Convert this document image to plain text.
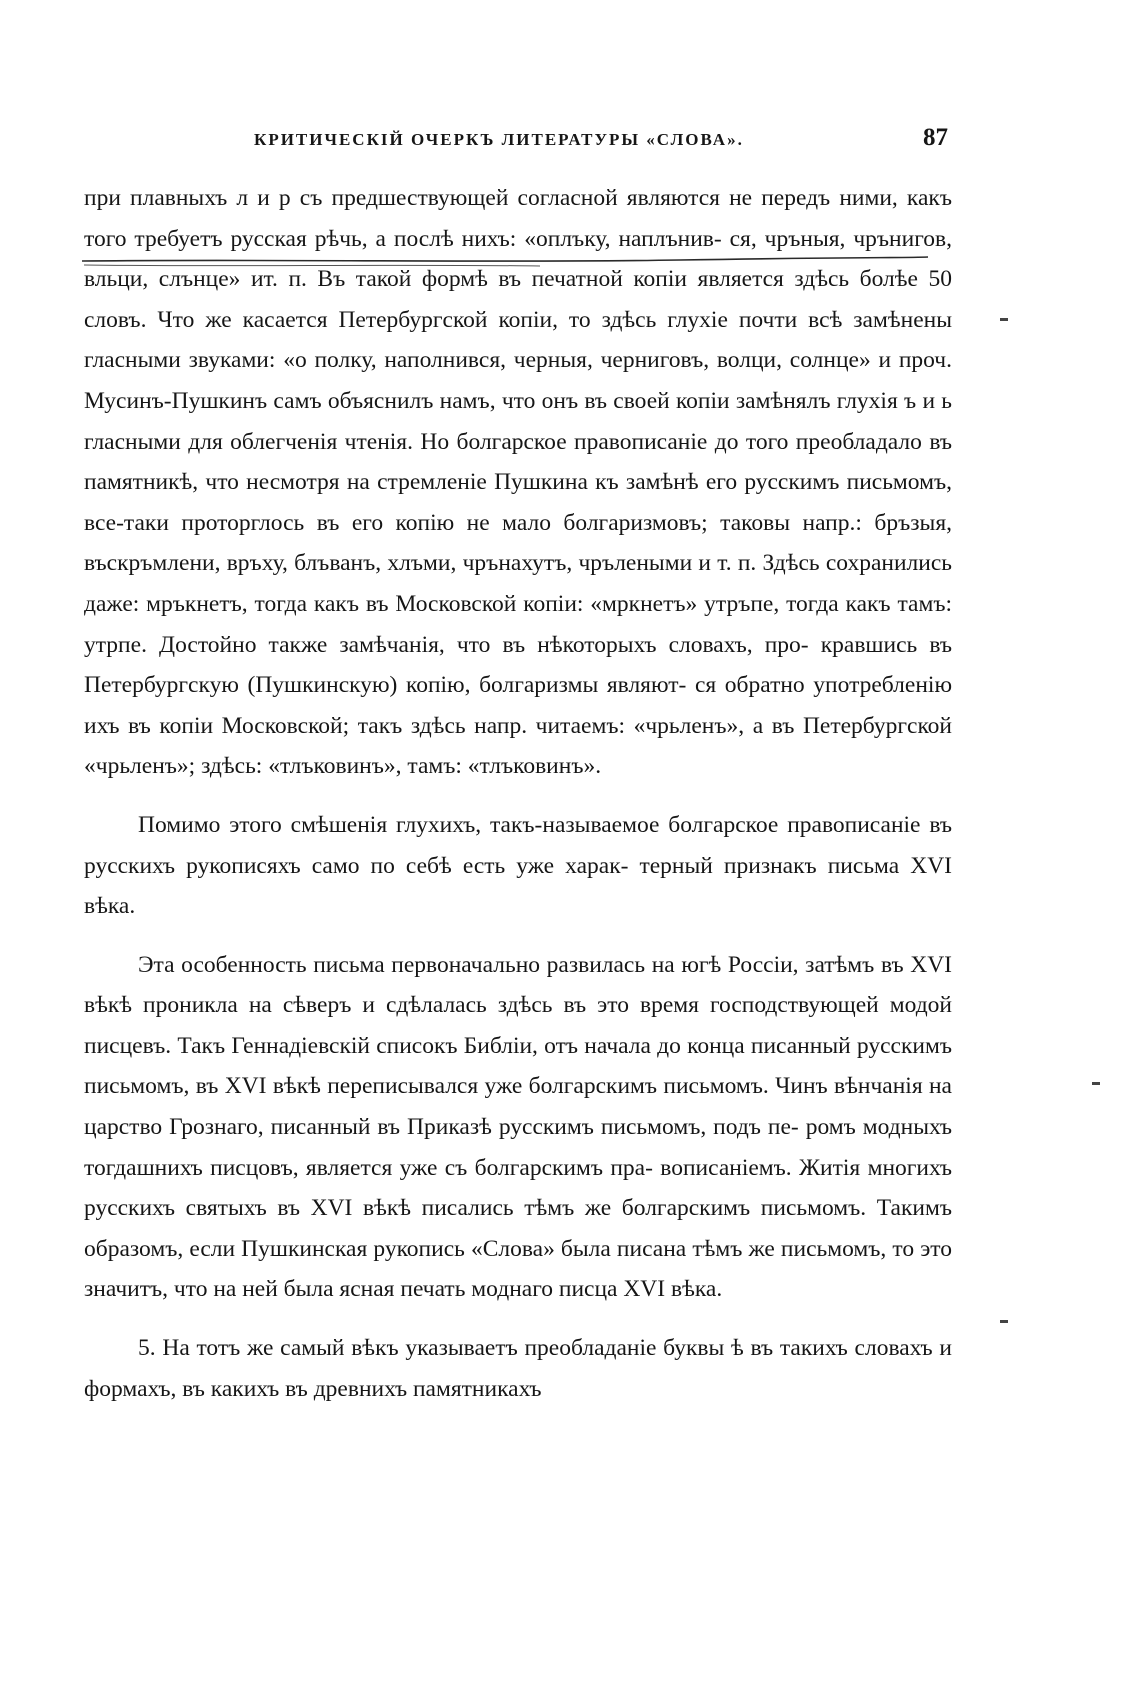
КРИТИЧЕСКІЙ ОЧЕРКЪ ЛИТЕРАТУРЫ «СЛОВА».	87

при плавныхъ л и р съ предшествующей согласной являются не передъ ними, какъ того требуетъ русская рѣчь, а послѣ нихъ: «оплъку, наплънив- ся, чръныя, чрънигов, вльци, слънце» ит. п. Въ такой формѣ въ печатной копіи является здѣсь болѣе 50 словъ. Что же касается Петербургской копіи, то здѣсь глухіе почти всѣ замѣнены гласными звуками: «о полку, наполнився, черныя, черниговъ, волци, солнце» и проч. Мусинъ-Пушкинъ самъ объяснилъ намъ, что онъ въ своей копіи замѣнялъ глухія ъ и ь гласными для облегченія чтенія. Но болгарское правописаніе до того преобладало въ памятникѣ, что несмотря на стремленіе Пушкина къ замѣнѣ его русскимъ письмомъ, все-таки проторглось въ его копію не мало болгаризмовъ; таковы напр.: бръзыя, въскръмлени, връху, блъванъ, хлъми, чрънахутъ, чрълеными и т. п. Здѣсь сохранились даже: мръкнетъ, тогда какъ въ Московской копіи: «мркнетъ» утръпе, тогда какъ тамъ: утрпе. Достойно также замѣчанія, что въ нѣкоторыхъ словахъ, про- кравшись въ Петербургскую (Пушкинскую) копію, болгаризмы являют- ся обратно употребленію ихъ въ копіи Московской; такъ здѣсь напр. читаемъ: «чрьленъ», а въ Петербургской «чрьленъ»; здѣсь: «тлъковинъ», тамъ: «тлъковинъ».

Помимо этого смѣшенія глухихъ, такъ-называемое болгарское правописаніе въ русскихъ рукописяхъ само по себѣ есть уже харак- терный признакъ письма XVI вѣка.

Эта особенность письма первоначально развилась на югѣ Россіи, затѣмъ въ XVI вѣкѣ проникла на сѣверъ и сдѣлалась здѣсь въ это время господствующей модой писцевъ. Такъ Геннадіевскій списокъ Библіи, отъ начала до конца писанный русскимъ письмомъ, въ XVI вѣкѣ переписывался уже болгарскимъ письмомъ. Чинъ вѣнчанія на царство Грознаго, писанный въ Приказѣ русскимъ письмомъ, подъ пе- ромъ модныхъ тогдашнихъ писцовъ, является уже съ болгарскимъ пра- вописаніемъ. Житія многихъ русскихъ святыхъ въ XVI вѣкѣ писались тѣмъ же болгарскимъ письмомъ. Такимъ образомъ, если Пушкинская рукопись «Слова» была писана тѣмъ же письмомъ, то это значитъ, что на ней была ясная печать моднаго писца XVI вѣка.

5. На тотъ же самый вѣкъ указываетъ преобладаніе буквы ѣ въ такихъ словахъ и формахъ, въ какихъ въ древнихъ памятникахъ
